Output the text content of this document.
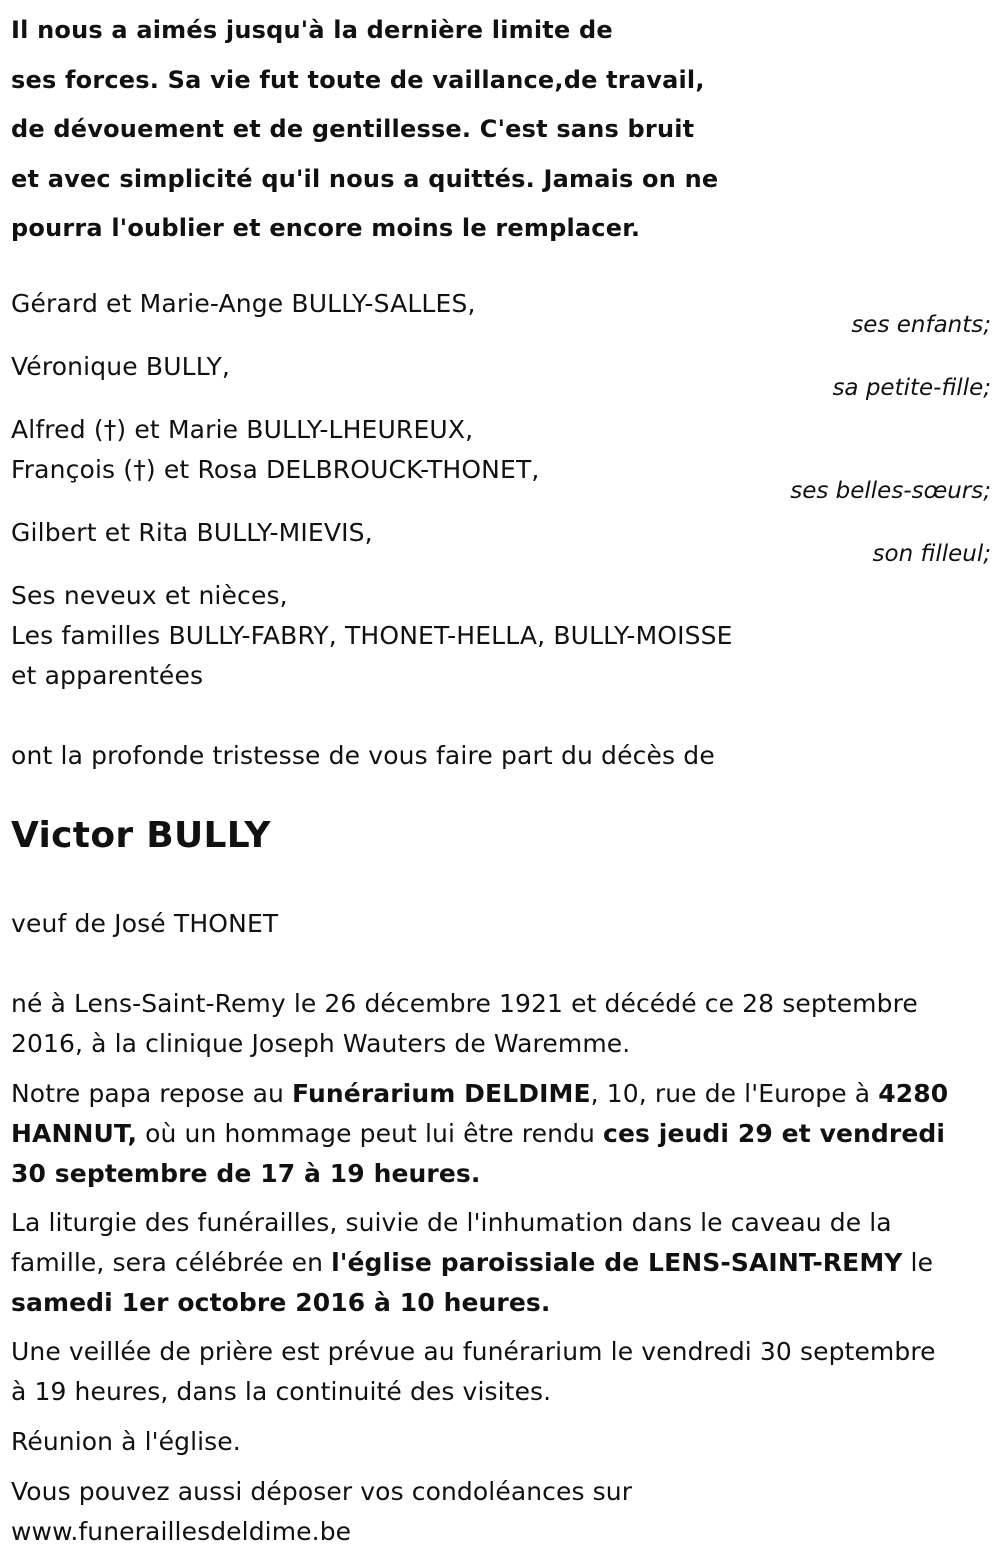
Il nous a aimés jusqu'à la dernière limite de
ses forces. Sa vie fut toute de vaillance,de travail,
de dévouement et de gentillesse. C'est sans bruit
et avec simplicité qu'il nous a quittés. Jamais on ne
pourra l'oublier et encore moins le remplacer.
Gérard et Marie-Ange BULLY-SALLES,
ses enfants;
Véronique BULLY,
sa petite-fille;
Alfred (†) et Marie BULLY-LHEUREUX,
François (†) et Rosa DELBROUCK-THONET,
ses belles-sœurs;
Gilbert et Rita BULLY-MIEVIS,
son filleul;
Ses neveux et nièces,
Les familles BULLY-FABRY, THONET-HELLA, BULLY-MOISSE
et apparentées
ont la profonde tristesse de vous faire part du décès de
Victor BULLY
veuf de José THONET
né à Lens-Saint-Remy le 26 décembre 1921 et décédé ce 28 septembre
2016, à la clinique Joseph Wauters de Waremme.
Notre papa repose au Funérarium DELDIME, 10, rue de l'Europe à 4280
HANNUT, où un hommage peut lui être rendu ces jeudi 29 et vendredi
30 septembre de 17 à 19 heures.
La liturgie des funérailles, suivie de l'inhumation dans le caveau de la
famille, sera célébrée en l'église paroissiale de LENS-SAINT-REMY le
samedi 1er octobre 2016 à 10 heures.
Une veillée de prière est prévue au funérarium le vendredi 30 septembre
à 19 heures, dans la continuité des visites.
Réunion à l'église.
Vous pouvez aussi déposer vos condoléances sur
www.funeraillesdeldime.be
